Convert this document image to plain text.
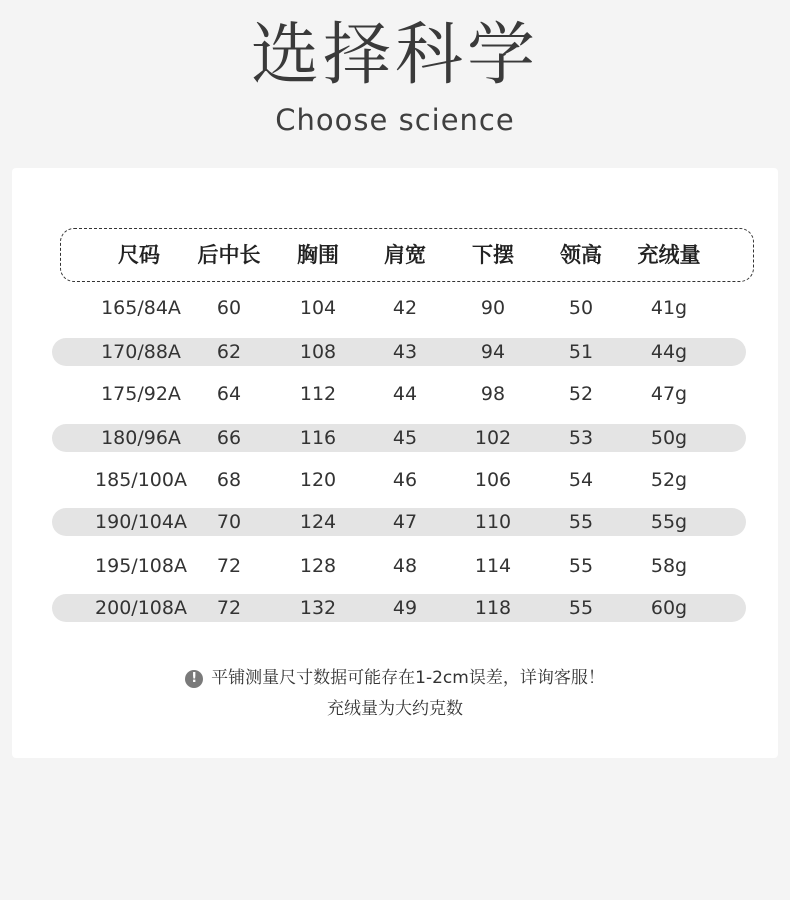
选择科学
Choose science
尺码 后中长 胸围 肩宽 下摆 领高 充绒量
165/84A 60	104	42	90	50	41g
170/88A 62	108	43	94	51	44g
175/92A 64	112	44	98	52	47g
180/96A 66	116	45	102	53	50g
185/100A 68	120	46	106	54	52g
190/104A 70	124	47	110	55	55g
195/108A 72	128	48	114	55	58g
200/108A 72	132	49	118	55	60g
! 平铺测量尺寸数据可能存在1-2cm误差，详询客服！
充绒量为大约克数
